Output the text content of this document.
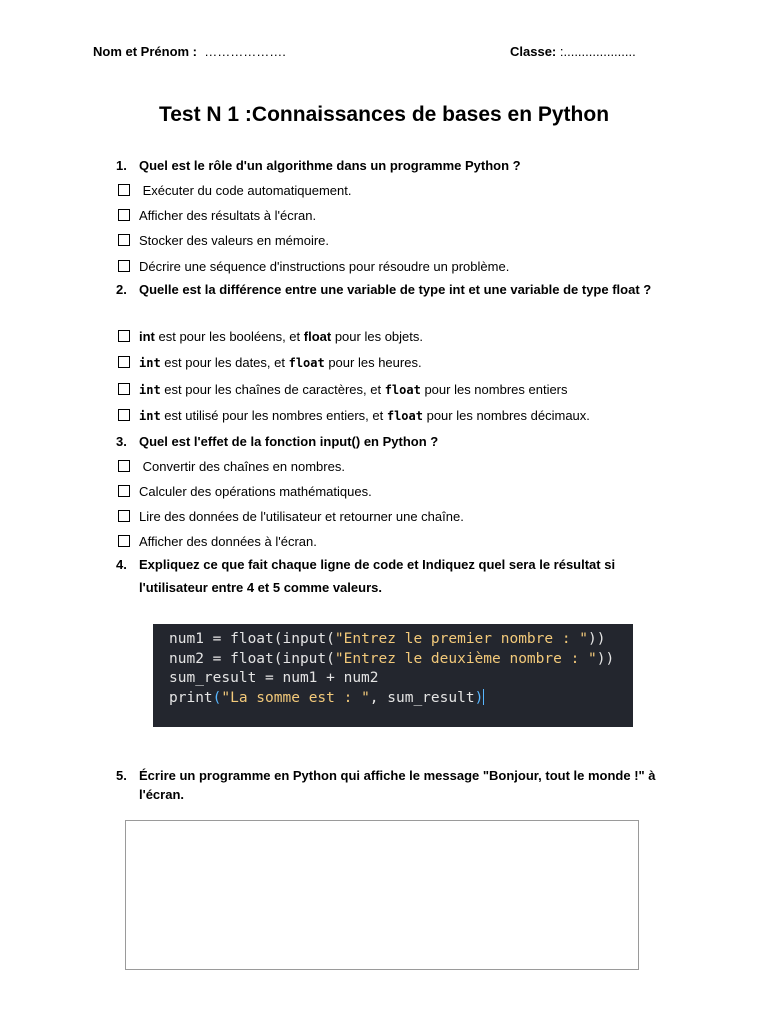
Nom et Prénom : ……………….	Classe: :....................
Test N 1 :Connaissances de bases en Python
1. Quel est le rôle d'un algorithme dans un programme Python ?
Exécuter du code automatiquement.
Afficher des résultats à l'écran.
Stocker des valeurs en mémoire.
Décrire une séquence d'instructions pour résoudre un problème.
2. Quelle est la différence entre une variable de type int et une variable de type float ?
int est pour les booléens, et float pour les objets.
int est pour les dates, et float pour les heures.
int est pour les chaînes de caractères, et float pour les nombres entiers
int est utilisé pour les nombres entiers, et float pour les nombres décimaux.
3. Quel est l'effet de la fonction input() en Python ?
Convertir des chaînes en nombres.
Calculer des opérations mathématiques.
Lire des données de l'utilisateur et retourner une chaîne.
Afficher des données à l'écran.
4. Expliquez ce que fait chaque ligne de code et Indiquez quel sera le résultat si l'utilisateur entre 4 et 5 comme valeurs.
num1 = float(input("Entrez le premier nombre : "))
num2 = float(input("Entrez le deuxième nombre : "))
sum_result = num1 + num2
print("La somme est : ", sum_result)
5. Écrire un programme en Python qui affiche le message "Bonjour, tout le monde !" à l'écran.
